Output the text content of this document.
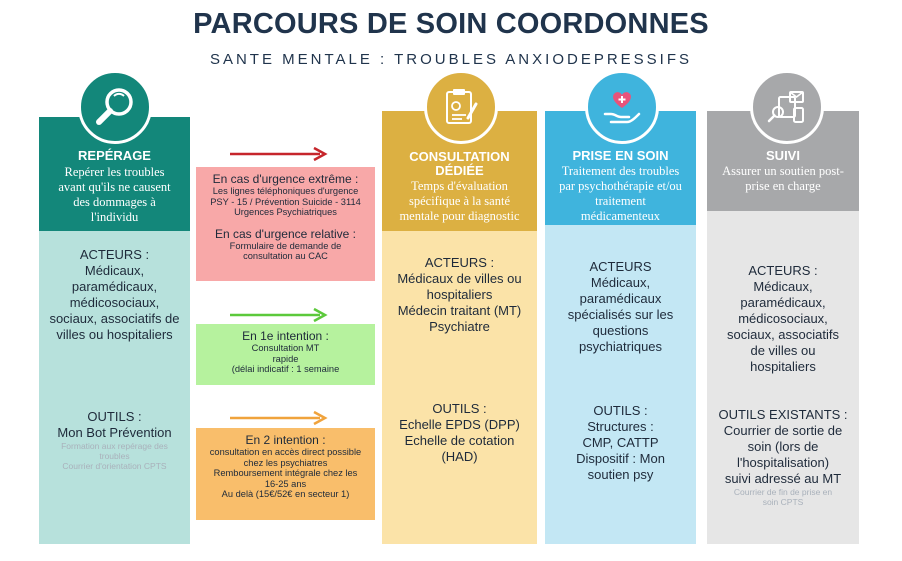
PARCOURS DE SOIN COORDONNES
SANTE MENTALE : TROUBLES ANXIODEPRESSIFS
REPÉRAGE
Repérer les troubles
avant qu'ils ne causent
des dommages à
l'individu
ACTEURS :
Médicaux,
paramédicaux,
médicosociaux,
sociaux, associatifs de
villes ou hospitaliers
OUTILS :
Mon Bot Prévention
Formation aux repérage des
troubles
Courrier d'orientation CPTS
En cas d'urgence extrême :
Les lignes téléphoniques d'urgence
PSY - 15 / Prévention Suicide - 3114
Urgences Psychiatriques
En cas d'urgence relative :
Formulaire de demande de
consultation au CAC
En 1e intention :
Consultation MT
rapide
(délai indicatif : 1 semaine
En 2 intention :
consultation en accès direct possible
chez les psychiatres
Remboursement intégrale chez les
16-25 ans
Au delà (15€/52€ en secteur 1)
CONSULTATION
DÉDIÉE
Temps d'évaluation
spécifique à la santé
mentale pour diagnostic
ACTEURS :
Médicaux de villes ou
hospitaliers
Médecin traitant (MT)
Psychiatre
OUTILS :
Echelle EPDS (DPP)
Echelle de cotation
(HAD)
PRISE EN SOIN
Traitement des troubles
par psychothérapie et/ou
traitement
médicamenteux
ACTEURS
Médicaux,
paramédicaux
spécialisés sur les
questions
psychiatriques
OUTILS :
Structures :
CMP, CATTP
Dispositif : Mon
soutien psy
SUIVI
Assurer un soutien post-
prise en charge
ACTEURS :
Médicaux,
paramédicaux,
médicosociaux,
sociaux, associatifs
de villes ou
hospitaliers
OUTILS EXISTANTS :
Courrier de sortie de
soin (lors de
l'hospitalisation)
suivi adressé au MT
Courrier de fin de prise en
soin CPTS
